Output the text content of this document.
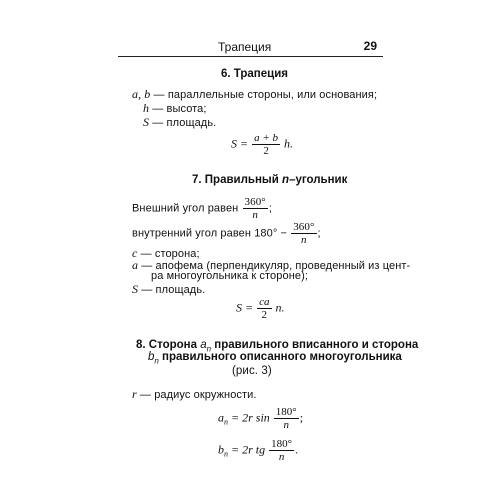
Трапеция	29
6. Трапеция
a, b — параллельные стороны, или основания;
h — высота;
S — площадь.
$S = \frac{a + b}{2} h$.
7. Правильный n–угольник
Внешний угол равен $\frac{360^\circ}{n}$ ;
внутренний угол равен $180^\circ - \frac{360^\circ}{n}$ ;
c — сторона;
a — апофема (перпендикуляр, проведенный из цент-
ра многоугольника к стороне);
S — площадь.
$S = \frac{ca}{2} n$.
8. Сторона $a_n$ правильного вписанного и сторона
$b_n$ правильного описанного многоугольника
(рис. 3)
r — радиус окружности.
$a_n = 2r$ $\sin \frac{180^\circ}{n}$ ;
$b_n = 2r$ tg $\frac{180^\circ}{n}$ .
